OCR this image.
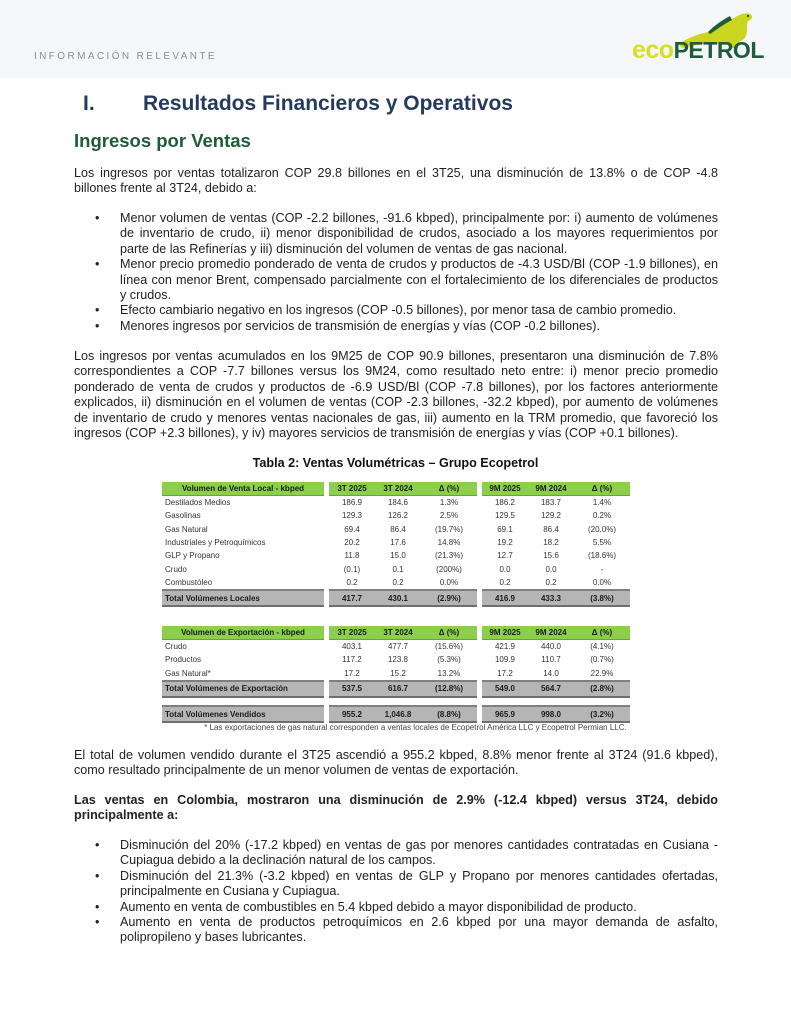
INFORMACIÓN RELEVANTE	ecoPETROL
I. Resultados Financieros y Operativos
Ingresos por Ventas
Los ingresos por ventas totalizaron COP 29.8 billones en el 3T25, una disminución de 13.8% o de COP -4.8 billones frente al 3T24, debido a:
• Menor volumen de ventas (COP -2.2 billones, -91.6 kbped), principalmente por: i) aumento de volúmenes de inventario de crudo, ii) menor disponibilidad de crudos, asociado a los mayores requerimientos por parte de las Refinerías y iii) disminución del volumen de ventas de gas nacional.
• Menor precio promedio ponderado de venta de crudos y productos de -4.3 USD/Bl (COP -1.9 billones), en línea con menor Brent, compensado parcialmente con el fortalecimiento de los diferenciales de productos y crudos.
• Efecto cambiario negativo en los ingresos (COP -0.5 billones), por menor tasa de cambio promedio.
• Menores ingresos por servicios de transmisión de energías y vías (COP -0.2 billones).
Los ingresos por ventas acumulados en los 9M25 de COP 90.9 billones, presentaron una disminución de 7.8% correspondientes a COP -7.7 billones versus los 9M24, como resultado neto entre: i) menor precio promedio ponderado de venta de crudos y productos de -6.9 USD/Bl (COP -7.8 billones), por los factores anteriormente explicados, ii) disminución en el volumen de ventas (COP -2.3 billones, -32.2 kbped), por aumento de volúmenes de inventario de crudo y menores ventas nacionales de gas, iii) aumento en la TRM promedio, que favoreció los ingresos (COP +2.3 billones), y iv) mayores servicios de transmisión de energías y vías (COP +0.1 billones).
Tabla 2: Ventas Volumétricas – Grupo Ecopetrol
Volumen de Venta Local - kbped		3T 2025	3T 2024	Δ (%)		9M 2025	9M 2024	Δ (%)
Destilados Medios		186.9	184.6	1.3%		186.2	183.7	1.4%
Gasolinas		129.3	126.2	2.5%		129.5	129.2	0.2%
Gas Natural		69.4	86.4	(19.7%)		69.1	86.4	(20.0%)
Industriales y Petroquímicos		20.2	17.6	14.8%		19.2	18.2	5.5%
GLP y Propano		11.8	15.0	(21.3%)		12.7	15.6	(18.6%)
Crudo		(0.1)	0.1	(200%)		0.0	0.0	-
Combustóleo		0.2	0.2	0.0%		0.2	0.2	0.0%
Total Volúmenes Locales		417.7	430.1	(2.9%)		416.9	433.3	(3.8%)
Volumen de Exportación - kbped		3T 2025	3T 2024	Δ (%)		9M 2025	9M 2024	Δ (%)
Crudo		403.1	477.7	(15.6%)		421.9	440.0	(4.1%)
Productos		117.2	123.8	(5.3%)		109.9	110.7	(0.7%)
Gas Natural*		17.2	15.2	13.2%		17.2	14.0	22.9%
Total Volúmenes de Exportación		537.5	616.7	(12.8%)		549.0	564.7	(2.8%)
Total Volúmenes Vendidos		955.2	1,046.8	(8.8%)		965.9	998.0	(3.2%)
* Las exportaciones de gas natural corresponden a ventas locales de Ecopetrol América LLC y Ecopetrol Permian LLC.
El total de volumen vendido durante el 3T25 ascendió a 955.2 kbped, 8.8% menor frente al 3T24 (91.6 kbped), como resultado principalmente de un menor volumen de ventas de exportación.
Las ventas en Colombia, mostraron una disminución de 2.9% (-12.4 kbped) versus 3T24, debido principalmente a:
• Disminución del 20% (-17.2 kbped) en ventas de gas por menores cantidades contratadas en Cusiana - Cupiagua debido a la declinación natural de los campos.
• Disminución del 21.3% (-3.2 kbped) en ventas de GLP y Propano por menores cantidades ofertadas, principalmente en Cusiana y Cupiagua.
• Aumento en venta de combustibles en 5.4 kbped debido a mayor disponibilidad de producto.
• Aumento en venta de productos petroquímicos en 2.6 kbped por una mayor demanda de asfalto, polipropileno y bases lubricantes.
